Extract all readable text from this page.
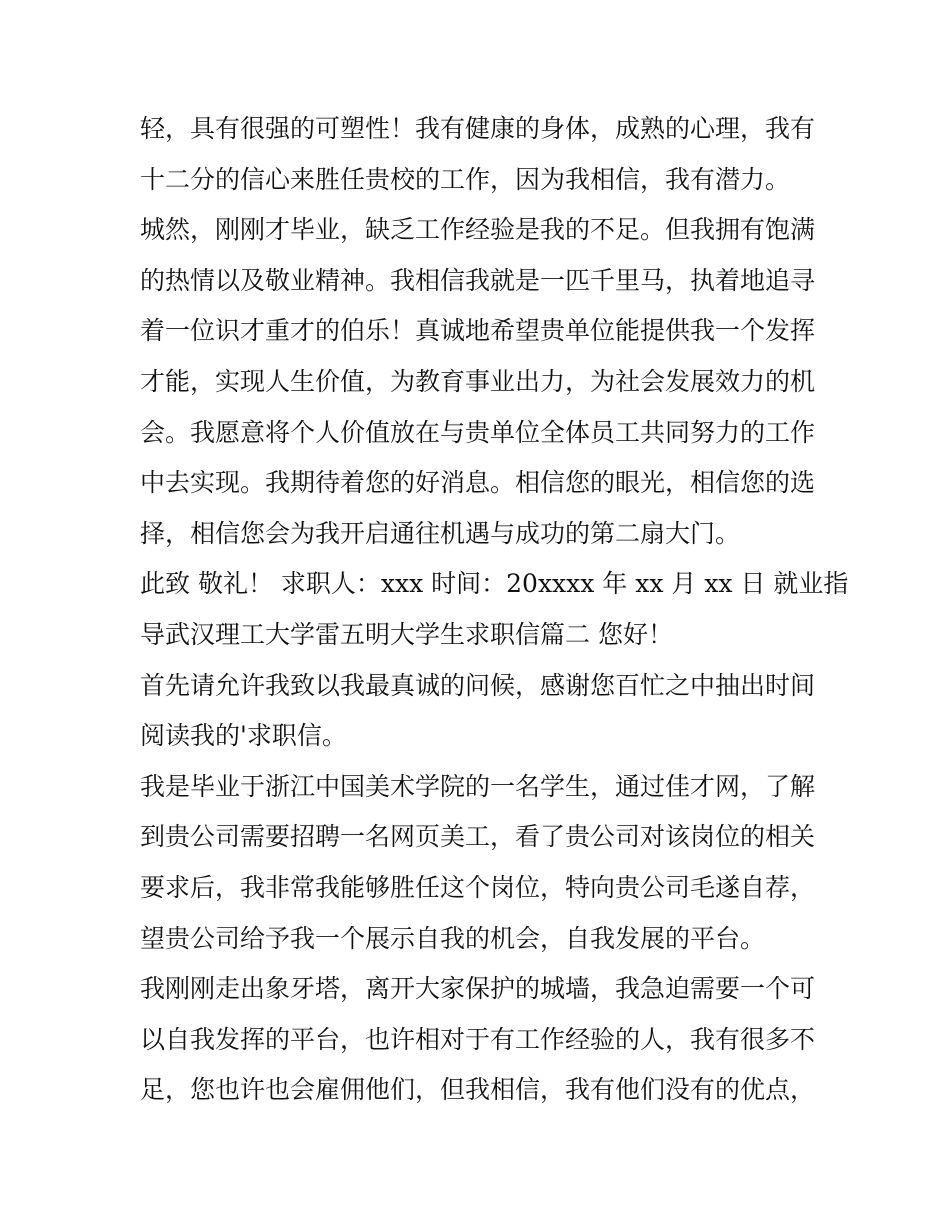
轻，具有很强的可塑性！我有健康的身体，成熟的心理，我有
十二分的信心来胜任贵校的工作，因为我相信，我有潜力。
城然，刚刚才毕业，缺乏工作经验是我的不足。但我拥有饱满
的热情以及敬业精神。我相信我就是一匹千里马，执着地追寻
着一位识才重才的伯乐！真诚地希望贵单位能提供我一个发挥
才能，实现人生价值，为教育事业出力，为社会发展效力的机
会。我愿意将个人价值放在与贵单位全体员工共同努力的工作
中去实现。我期待着您的好消息。相信您的眼光，相信您的选
择，相信您会为我开启通往机遇与成功的第二扇大门。
此致 敬礼！ 求职人：xxx 时间：20xxxx 年 xx 月 xx 日 就业指
导武汉理工大学雷五明大学生求职信篇二 您好！
首先请允许我致以我最真诚的问候，感谢您百忙之中抽出时间
阅读我的'求职信。
我是毕业于浙江中国美术学院的一名学生，通过佳才网，了解
到贵公司需要招聘一名网页美工，看了贵公司对该岗位的相关
要求后，我非常我能够胜任这个岗位，特向贵公司毛遂自荐，
望贵公司给予我一个展示自我的机会，自我发展的平台。
我刚刚走出象牙塔，离开大家保护的城墙，我急迫需要一个可
以自我发挥的平台，也许相对于有工作经验的人，我有很多不
足，您也许也会雇佣他们，但我相信，我有他们没有的优点，
